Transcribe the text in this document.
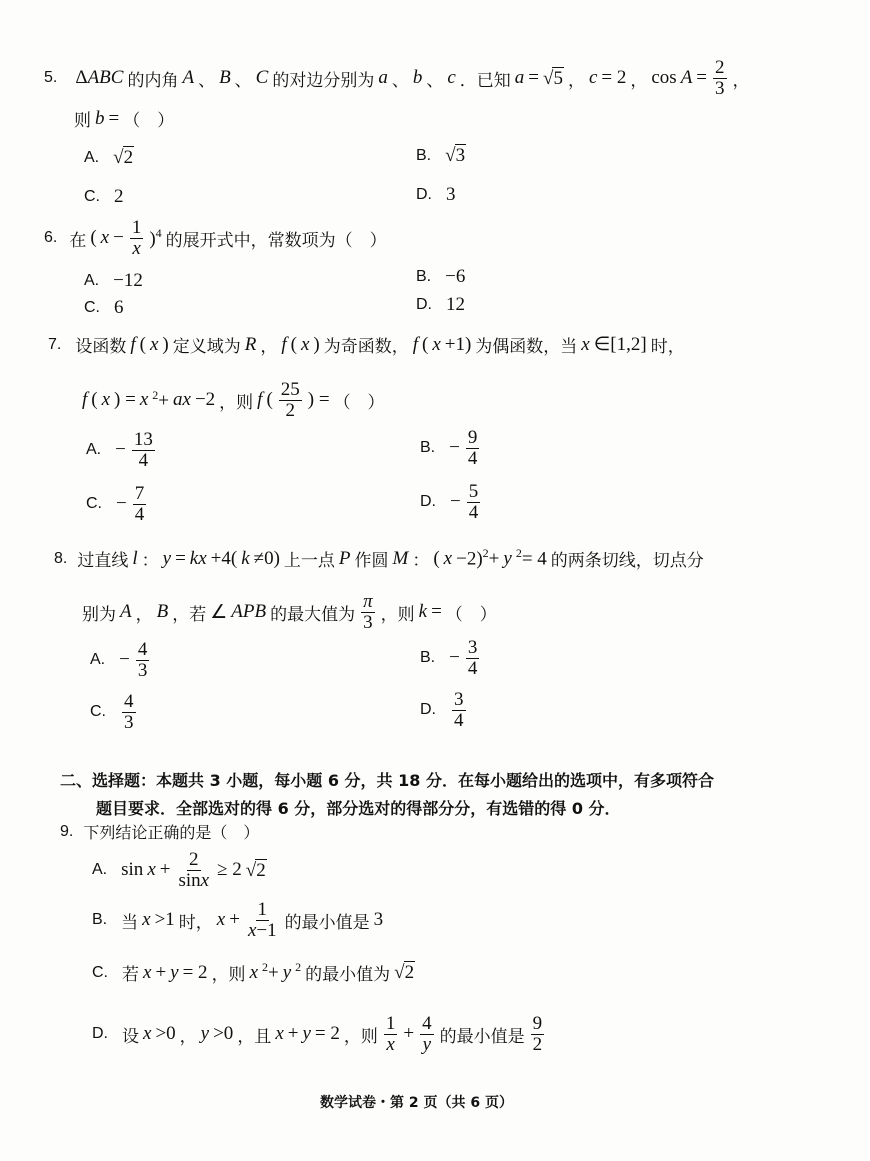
5. ΔABC 的内角 A 、 B 、 C 的对边分别为 a 、 b 、 c ．已知 a = √ 5 ， c = 2 ， $\cos A = \frac{2}{3}$ ，
则 b = （　）
A. √ 2	B. √ 3
C. 2	D. 3
6. 在 ( $x - \frac{1}{x} )^4$ 的展开式中，常数项为（　）
A. −12	B. −6
C. 6	D. 12
7. 设函数 f ( x ) 定义域为 R ， f ( x ) 为奇函数， f ( x +1) 为偶函数，当 x ∈[1,2] 时，
f ( x ) = x $^2$+ ax −2 ，则 f ( $\frac{25}{2}$ ) = （　）
A. − $\frac{13}{4}$	B. − $\frac{9}{4}$
C. − $\frac{7}{4}$	D. − $\frac{5}{4}$
8. 过直线 l ： y = kx +4( k ≠0) 上一点 P 作圆 M ： ( x −2)$^2$+ y $^2$= 4 的两条切线，切点分
别为 A ， B ，若 ∠ APB 的最大值为 $\frac{\pi}{3}$ ，则 k = （　）
A. − $\frac{4}{3}$	B. − $\frac{3}{4}$
C. $\frac{4}{3}$	D. $\frac{3}{4}$
二、选择题：本题共 3 小题，每小题 6 分，共 18 分．在每小题给出的选项中，有多项符合
题目要求．全部选对的得 6 分，部分选对的得部分分，有选错的得 0 分．
9. 下列结论正确的是（　）
A. $\sin x + \frac{2}{\sin x} \ge 2$ √ 2
B. 当 x >1 时， $x + \frac{1}{x-1}$ 的最小值是 3
C. 若 x + y = 2 ，则 x $^2$+ y $^2$ 的最小值为 √ 2
D. 设 x >0 ， y >0 ，且 x + y = 2 ，则 $\frac{1}{x} + \frac{4}{y}$ 的最小值是 $\frac{9}{2}$
数学试卷・第 2 页（共 6 页）
